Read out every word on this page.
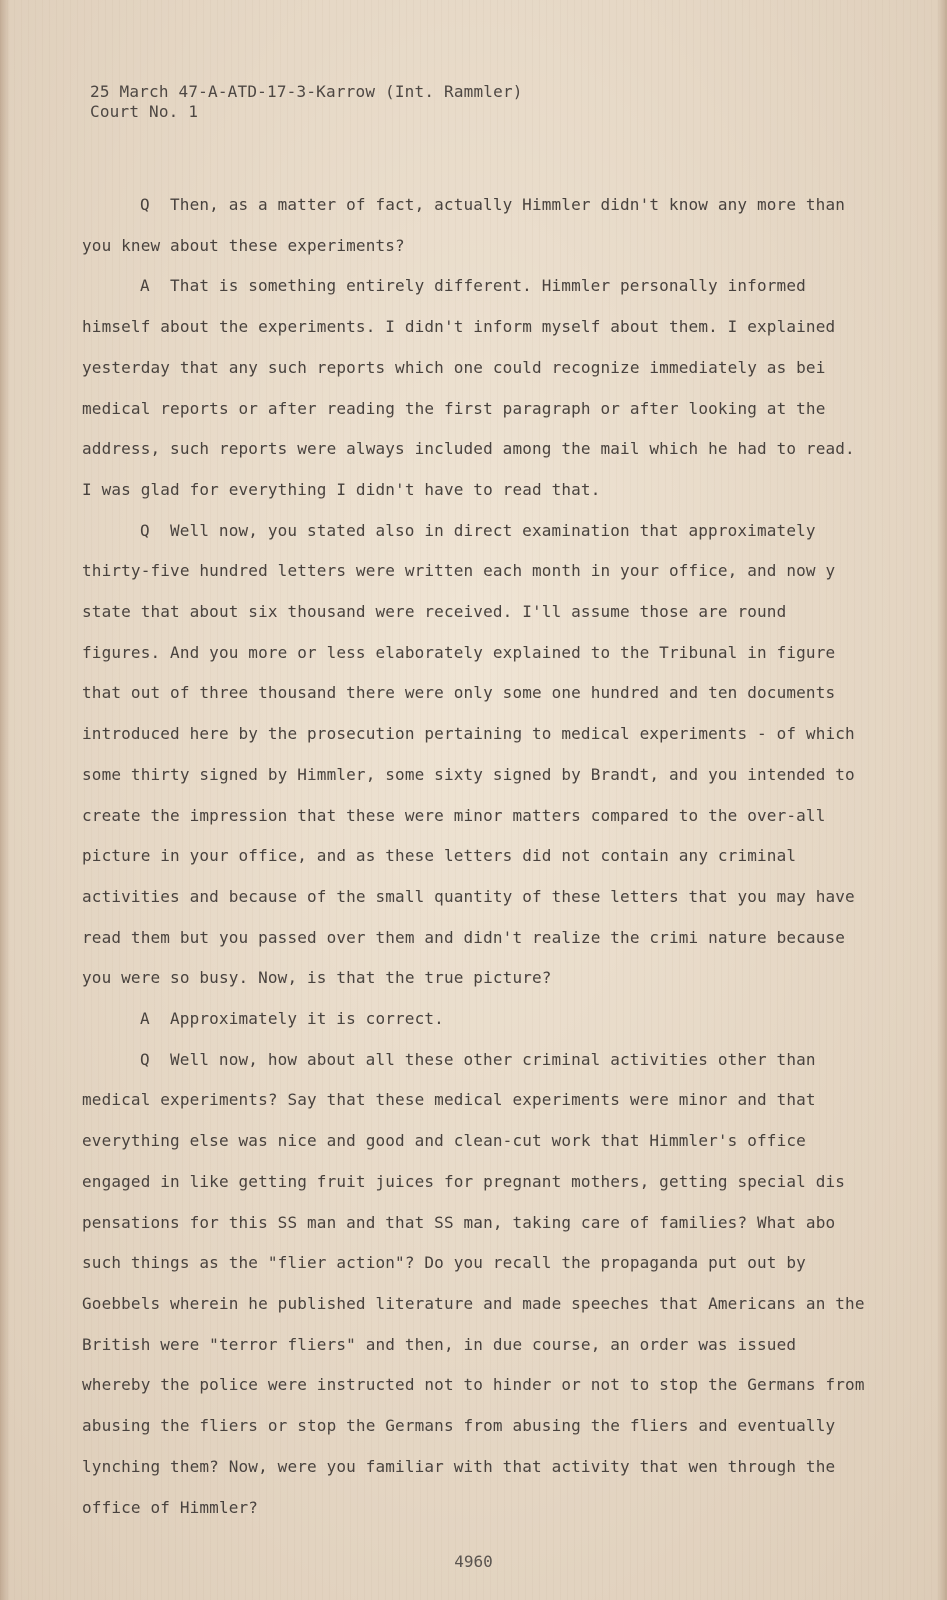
25 March 47-A-ATD-17-3-Karrow (Int. Rammler)
Court No. 1

Q Then, as a matter of fact, actually Himmler didn't know any more than you knew about these experiments?

A That is something entirely different. Himmler personally informed himself about the experiments. I didn't inform myself about them. I explained yesterday that any such reports which one could recognize immediately as bei medical reports or after reading the first paragraph or after looking at the address, such reports were always included among the mail which he had to read. I was glad for everything I didn't have to read that.

Q Well now, you stated also in direct examination that approximately thirty-five hundred letters were written each month in your office, and now y state that about six thousand were received. I'll assume those are round figures. And you more or less elaborately explained to the Tribunal in figure that out of three thousand there were only some one hundred and ten documents introduced here by the prosecution pertaining to medical experiments - of which some thirty signed by Himmler, some sixty signed by Brandt, and you intended to create the impression that these were minor matters compared to the over-all picture in your office, and as these letters did not contain any criminal activities and because of the small quantity of these letters that you may have read them but you passed over them and didn't realize the crimi nature because you were so busy. Now, is that the true picture?

A Approximately it is correct.

Q Well now, how about all these other criminal activities other than medical experiments? Say that these medical experiments were minor and that everything else was nice and good and clean-cut work that Himmler's office engaged in like getting fruit juices for pregnant mothers, getting special dis pensations for this SS man and that SS man, taking care of families? What abo such things as the "flier action"? Do you recall the propaganda put out by Goebbels wherein he published literature and made speeches that Americans an the British were "terror fliers" and then, in due course, an order was issued whereby the police were instructed not to hinder or not to stop the Germans from abusing the fliers or stop the Germans from abusing the fliers and eventually lynching them? Now, were you familiar with that activity that wen through the office of Himmler?

4960
